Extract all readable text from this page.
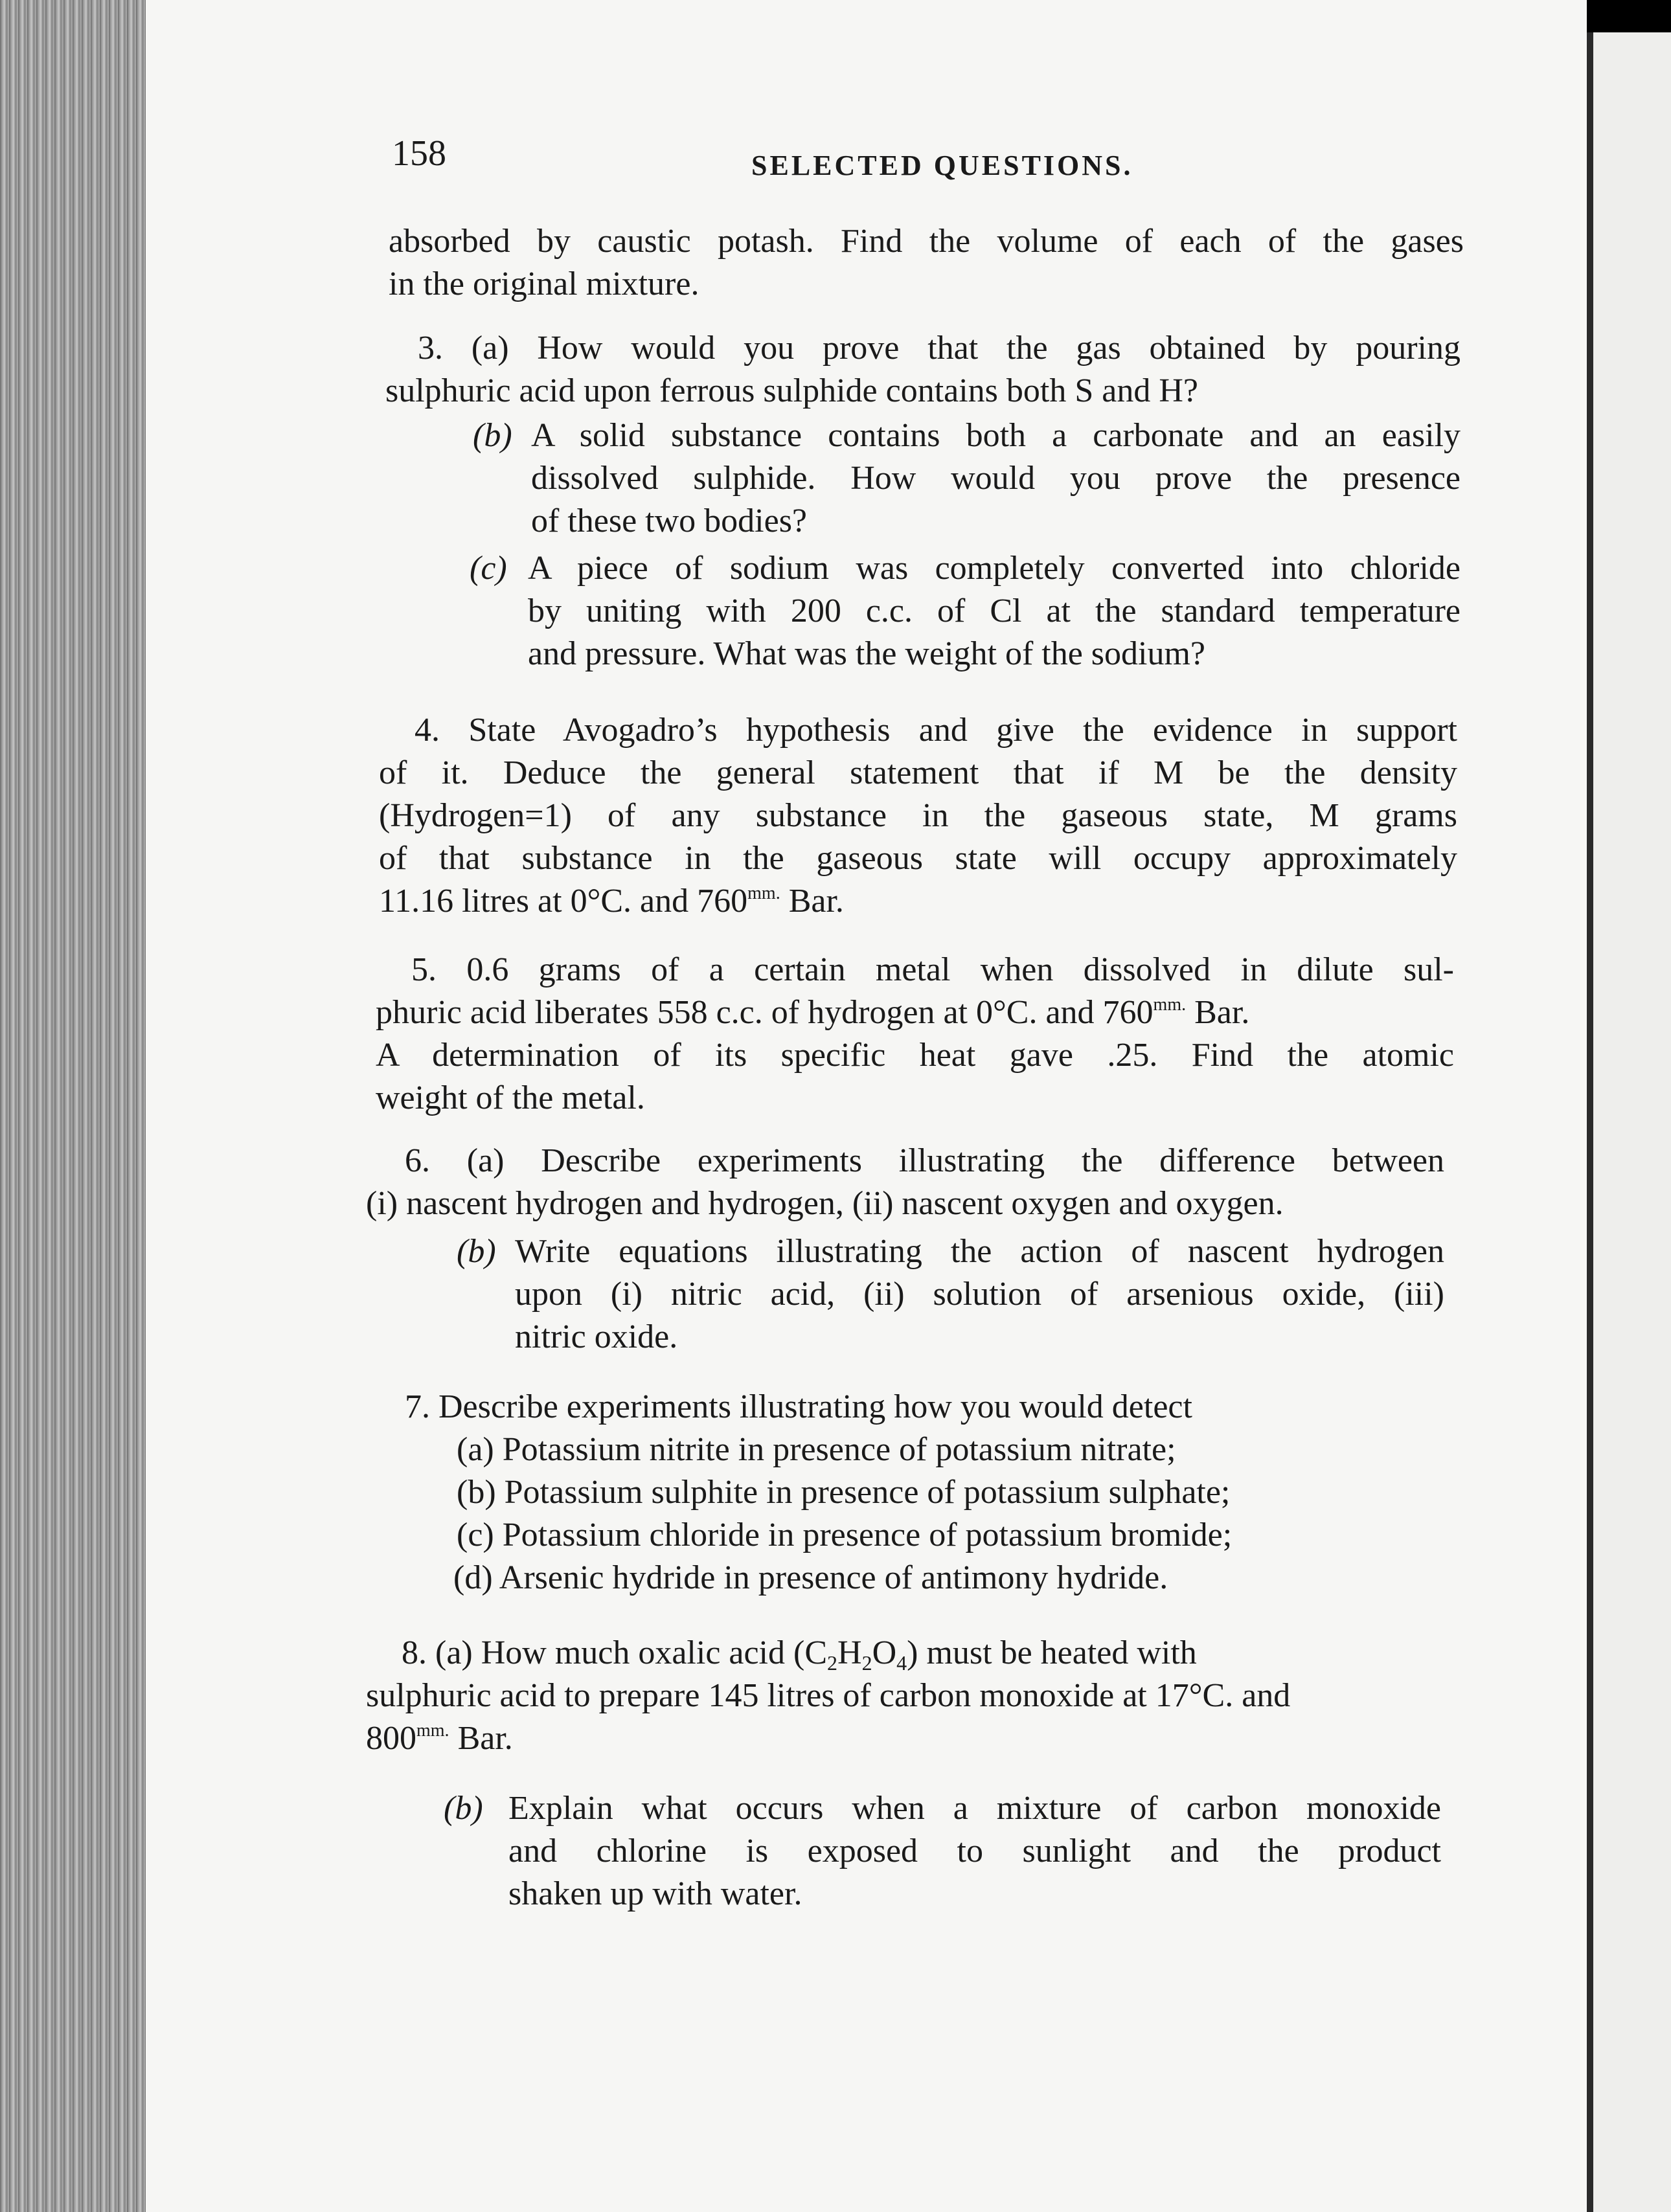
158	SELECTED QUESTIONS.
absorbed by caustic potash. Find the volume of each of the gases
in the original mixture.
3. (a) How would you prove that the gas obtained by pouring
sulphuric acid upon ferrous sulphide contains both S and H?
(b) A solid substance contains both a carbonate and an easily
dissolved sulphide. How would you prove the presence
of these two bodies?
(c) A piece of sodium was completely converted into chloride
by uniting with 200 c.c. of Cl at the standard temperature
and pressure. What was the weight of the sodium?
4. State Avogadro’s hypothesis and give the evidence in support
of it. Deduce the general statement that if M be the density
(Hydrogen=1) of any substance in the gaseous state, M grams
of that substance in the gaseous state will occupy approximately
11.16 litres at 0°C. and $760^{mm.}$ Bar.
5. 0.6 grams of a certain metal when dissolved in dilute sul-
phuric acid liberates 558 c.c. of hydrogen at 0°C. and $760^{mm.}$ Bar.
A determination of its specific heat gave .25. Find the atomic
weight of the metal.
6. (a) Describe experiments illustrating the difference between
(i) nascent hydrogen and hydrogen, (ii) nascent oxygen and oxygen.
(b) Write equations illustrating the action of nascent hydrogen
upon (i) nitric acid, (ii) solution of arsenious oxide, (iii)
nitric oxide.
7. Describe experiments illustrating how you would detect
(a) Potassium nitrite in presence of potassium nitrate;
(b) Potassium sulphite in presence of potassium sulphate;
(c) Potassium chloride in presence of potassium bromide;
(d) Arsenic hydride in presence of antimony hydride.
8. (a) How much oxalic acid $(C_2H_2O_4)$ must be heated with
sulphuric acid to prepare 145 litres of carbon monoxide at 17°C. and
$800^{mm.}$ Bar.
(b) Explain what occurs when a mixture of carbon monoxide
and chlorine is exposed to sunlight and the product
shaken up with water.
